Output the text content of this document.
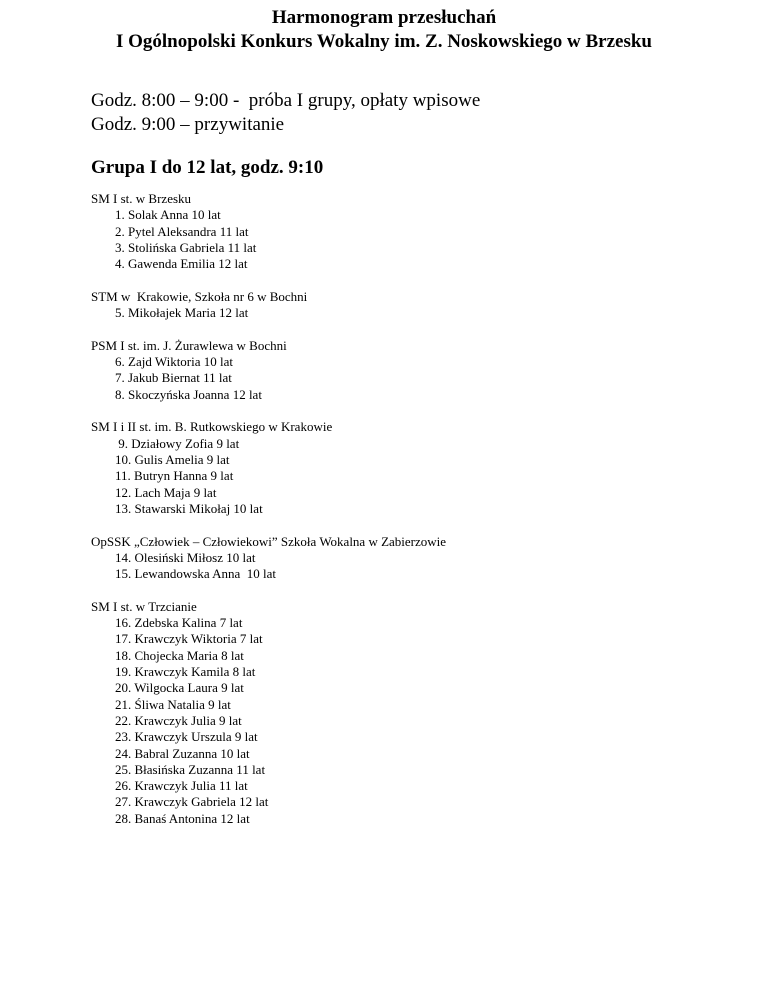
Harmonogram przesłuchań
I Ogólnopolski Konkurs Wokalny im. Z. Noskowskiego w Brzesku
Godz. 8:00 – 9:00 -  próba I grupy, opłaty wpisowe
Godz. 9:00 – przywitanie
Grupa I do 12 lat, godz. 9:10
SM I st. w Brzesku
1. Solak Anna 10 lat
2. Pytel Aleksandra 11 lat
3. Stolińska Gabriela 11 lat
4. Gawenda Emilia 12 lat
STM w  Krakowie, Szkoła nr 6 w Bochni
5. Mikołajek Maria 12 lat
PSM I st. im. J. Żurawlewa w Bochni
6. Zajd Wiktoria 10 lat
7. Jakub Biernat 11 lat
8. Skoczyńska Joanna 12 lat
SM I i II st. im. B. Rutkowskiego w Krakowie
9. Działowy Zofia 9 lat
10. Gulis Amelia 9 lat
11. Butryn Hanna 9 lat
12. Lach Maja 9 lat
13. Stawarski Mikołaj 10 lat
OpSSK „Człowiek – Człowiekowi” Szkoła Wokalna w Zabierzowie
14. Olesiński Miłosz 10 lat
15. Lewandowska Anna  10 lat
SM I st. w Trzcianie
16. Zdebska Kalina 7 lat
17. Krawczyk Wiktoria 7 lat
18. Chojecka Maria 8 lat
19. Krawczyk Kamila 8 lat
20. Wilgocka Laura 9 lat
21. Śliwa Natalia 9 lat
22. Krawczyk Julia 9 lat
23. Krawczyk Urszula 9 lat
24. Babral Zuzanna 10 lat
25. Błasińska Zuzanna 11 lat
26. Krawczyk Julia 11 lat
27. Krawczyk Gabriela 12 lat
28. Banaś Antonina 12 lat
